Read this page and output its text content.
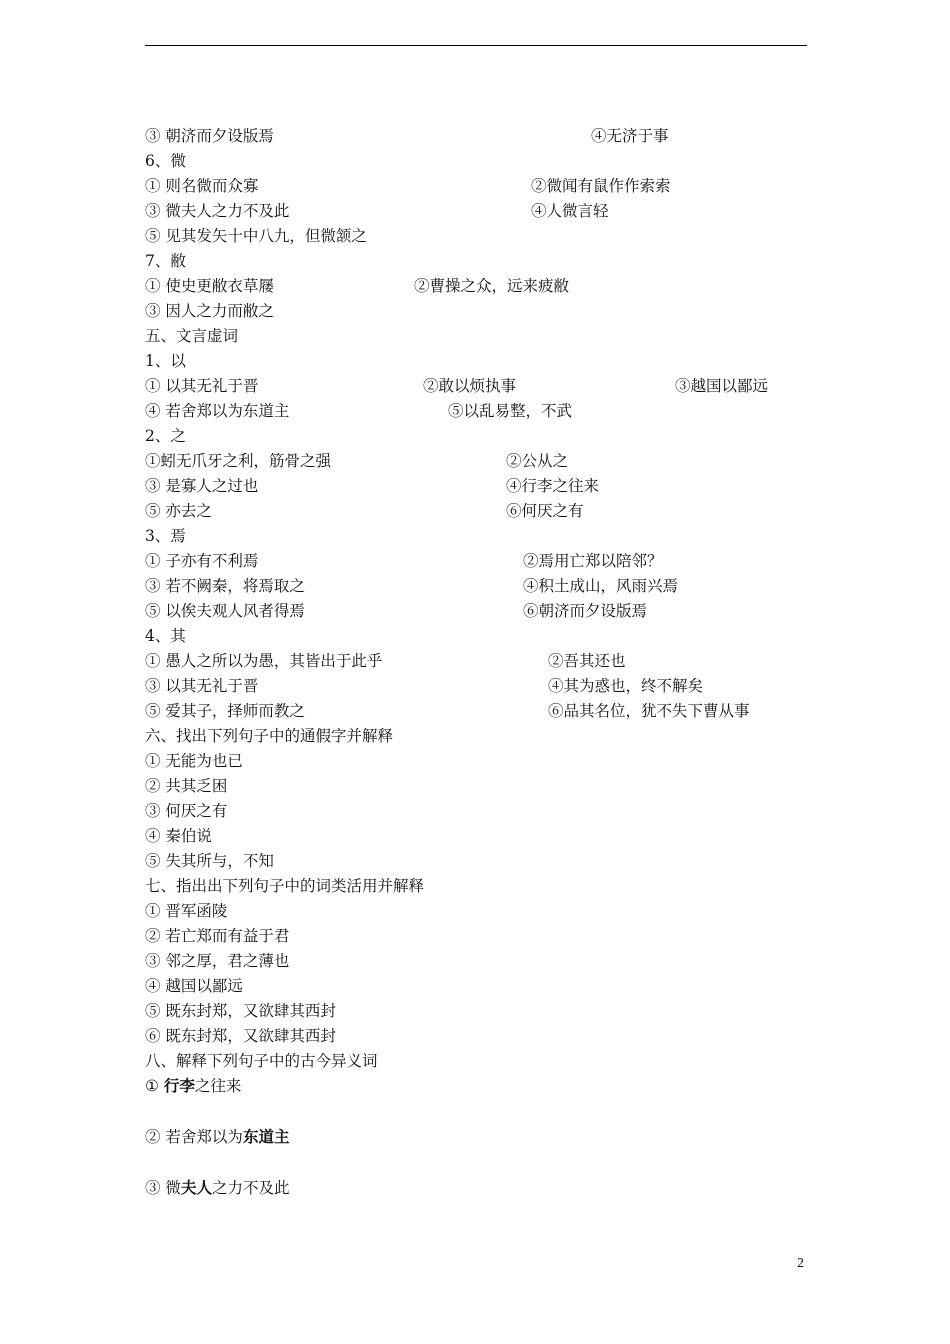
③ 朝济而夕设版焉	④无济于事
6、微
① 则名微而众寡	②微闻有鼠作作索索
③ 微夫人之力不及此	④人微言轻
⑤ 见其发矢十中八九，但微颔之
7、敝
① 使史更敝衣草屦	②曹操之众，远来疲敝
③ 因人之力而敝之
五、文言虚词
1、以
① 以其无礼于晋	②敢以烦执事	③越国以鄙远
④ 若舍郑以为东道主	⑤以乱易整，不武
2、之
①蚓无爪牙之利，筋骨之强	②公从之
③ 是寡人之过也	④行李之往来
⑤ 亦去之	⑥何厌之有
3、焉
① 子亦有不利焉	②焉用亡郑以陪邻？
③ 若不阙秦，将焉取之	④积土成山，风雨兴焉
⑤ 以俟夫观人风者得焉	⑥朝济而夕设版焉
4、其
① 愚人之所以为愚，其皆出于此乎	②吾其还也
③ 以其无礼于晋	④其为惑也，终不解矣
⑤ 爱其子，择师而教之	⑥品其名位，犹不失下曹从事
六、找出下列句子中的通假字并解释
① 无能为也已
② 共其乏困
③ 何厌之有
④ 秦伯说
⑤ 失其所与，不知
七、指出出下列句子中的词类活用并解释
① 晋军函陵
② 若亡郑而有益于君
③ 邻之厚，君之薄也
④ 越国以鄙远
⑤ 既东封郑，又欲肆其西封
⑥ 既东封郑，又欲肆其西封
八、解释下列句子中的古今异义词
① 行李之往来
② 若舍郑以为东道主
③ 微夫人之力不及此
2
